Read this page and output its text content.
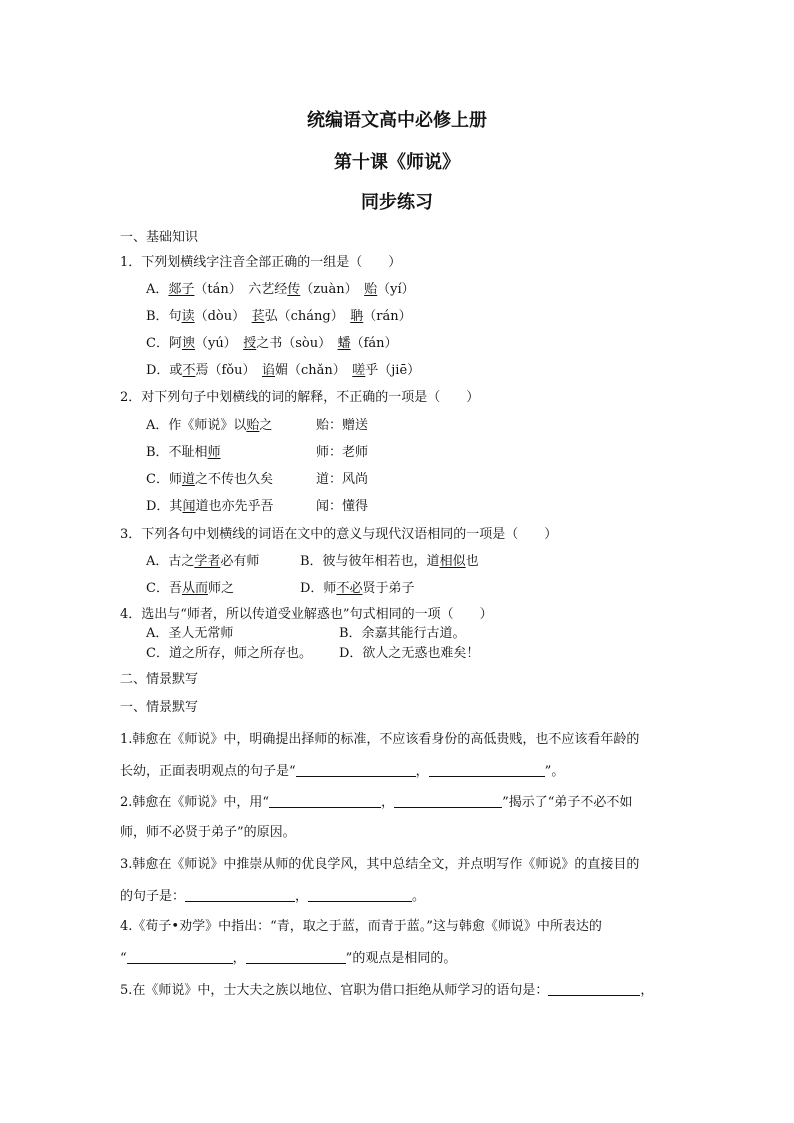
统编语文高中必修上册
第十课《师说》
同步练习
一、基础知识
1．下列划横线字注音全部正确的一组是（　　）
A．郯子（tán）　六艺经传（zuàn）　贻（yí）
B．句读（dòu）　苌弘（cháng）　聃（rán）
C．阿谀（yú）　授之书（sòu）　蟠（fán）
D．或不焉（fǒu）　谄媚（chǎn）　嗟乎（jiē）
2．对下列句子中划横线的词的解释，不正确的一项是（　　）
A．作《师说》以贻之	贻：赠送
B．不耻相师	师：老师
C．师道之不传也久矣	道：风尚
D．其闻道也亦先乎吾	闻：懂得
3．下列各句中划横线的词语在文中的意义与现代汉语相同的一项是（　　）
A．古之学者必有师	B．彼与彼年相若也，道相似也
C．吾从而师之	D．师不必贤于弟子
4．选出与“师者，所以传道受业解惑也”句式相同的一项（　　）
A．圣人无常师	B．余嘉其能行古道。
C．道之所存，师之所存也。 D．欲人之无惑也难矣！
二、情景默写
一、情景默写
1.韩愈在《师说》中，明确提出择师的标准，不应该看身份的高低贵贱，也不应该看年龄的
长幼，正面表明观点的句子是“	，	”。
2.韩愈在《师说》中，用“	，	”揭示了“弟子不必不如
师，师不必贤于弟子”的原因。
3.韩愈在《师说》中推崇从师的优良学风，其中总结全文，并点明写作《师说》的直接目的
的句子是：	，	。
4.《荀子•劝学》中指出：“青，取之于蓝，而青于蓝。”这与韩愈《师说》中所表达的
“	，	”的观点是相同的。
5.在《师说》中，士大夫之族以地位、官职为借口拒绝从师学习的语句是：	，
